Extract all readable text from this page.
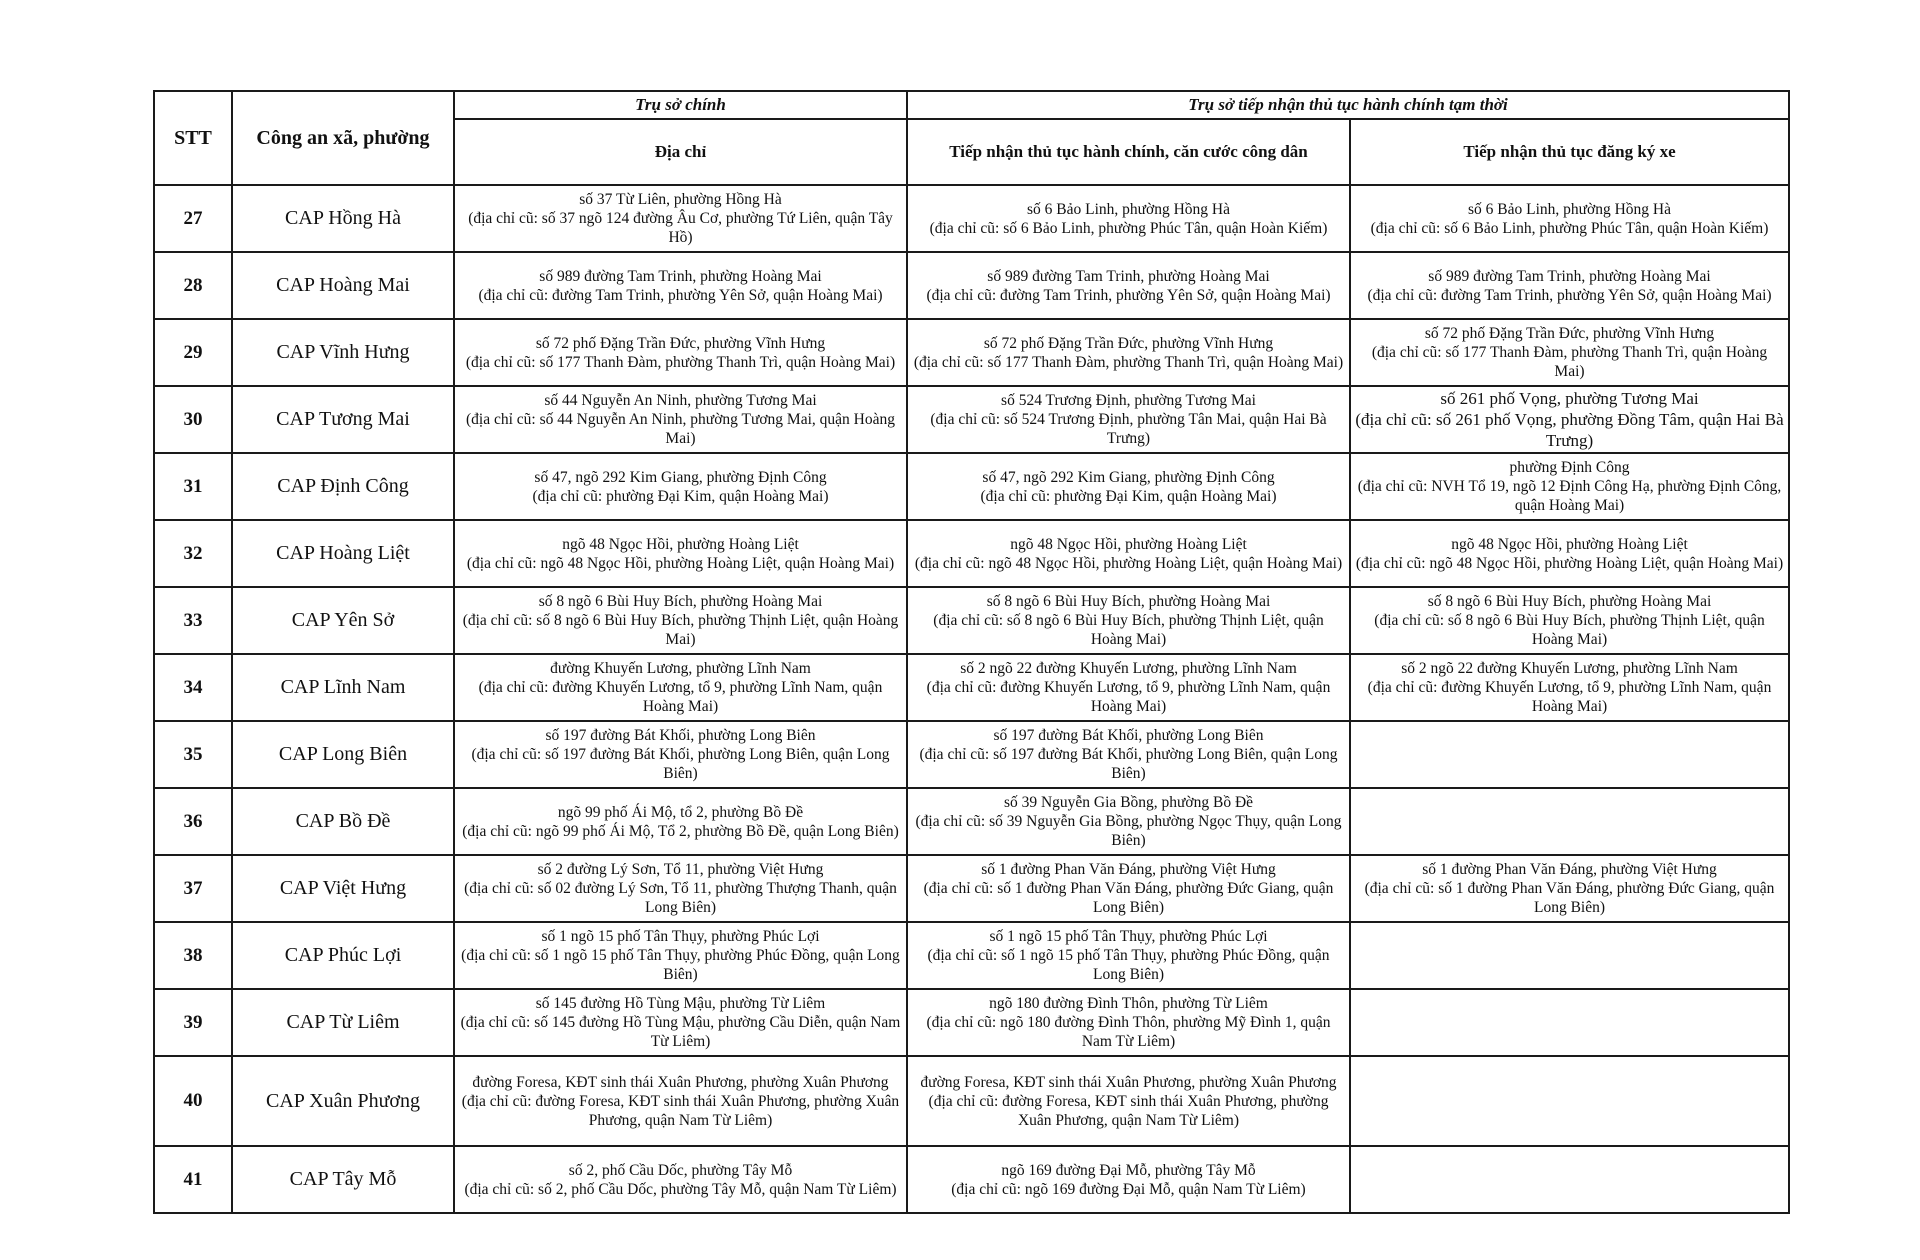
STT	Công an xã, phường	Trụ sở chính	Trụ sở tiếp nhận thủ tục hành chính tạm thời	
		Địa chỉ	Tiếp nhận thủ tục hành chính, căn cước công dân	Tiếp nhận thủ tục đăng ký xe
27	CAP Hồng Hà	số 37 Từ Liên, phường Hồng Hà
(địa chỉ cũ: số 37 ngõ 124 đường Âu Cơ, phường Tứ Liên, quận Tây Hồ)	số 6 Bảo Linh, phường Hồng Hà
(địa chỉ cũ: số 6 Bảo Linh, phường Phúc Tân, quận Hoàn Kiếm)	số 6 Bảo Linh, phường Hồng Hà
(địa chỉ cũ: số 6 Bảo Linh, phường Phúc Tân, quận Hoàn Kiếm)

28	CAP Hoàng Mai	số 989 đường Tam Trinh, phường Hoàng Mai
(địa chỉ cũ: đường Tam Trinh, phường Yên Sở, quận Hoàng Mai)	số 989 đường Tam Trinh, phường Hoàng Mai
(địa chỉ cũ: đường Tam Trinh, phường Yên Sở, quận Hoàng Mai)	số 989 đường Tam Trinh, phường Hoàng Mai
(địa chỉ cũ: đường Tam Trinh, phường Yên Sở, quận Hoàng Mai)

29	CAP Vĩnh Hưng	số 72 phố Đặng Trần Đức, phường Vĩnh Hưng
(địa chỉ cũ: số 177 Thanh Đàm, phường Thanh Trì, quận Hoàng Mai)	số 72 phố Đặng Trần Đức, phường Vĩnh Hưng
(địa chỉ cũ: số 177 Thanh Đàm, phường Thanh Trì, quận Hoàng Mai)	số 72 phố Đặng Trần Đức, phường Vĩnh Hưng
(địa chỉ cũ: số 177 Thanh Đàm, phường Thanh Trì, quận Hoàng Mai)

30	CAP Tương Mai	số 44 Nguyễn An Ninh, phường Tương Mai
(địa chỉ cũ: số 44 Nguyễn An Ninh, phường Tương Mai, quận Hoàng Mai)	số 524 Trương Định, phường Tương Mai
(địa chỉ cũ: số 524 Trương Định, phường Tân Mai, quận Hai Bà Trưng)	số 261 phố Vọng, phường Tương Mai
(địa chỉ cũ: số 261 phố Vọng, phường Đồng Tâm, quận Hai Bà Trưng)

31	CAP Định Công	số 47, ngõ 292 Kim Giang, phường Định Công
(địa chỉ cũ: phường Đại Kim, quận Hoàng Mai)	số 47, ngõ 292 Kim Giang, phường Định Công
(địa chỉ cũ: phường Đại Kim, quận Hoàng Mai)	phường Định Công
(địa chỉ cũ: NVH Tổ 19, ngõ 12 Định Công Hạ, phường Định Công, quận Hoàng Mai)

32	CAP Hoàng Liệt	ngõ 48 Ngọc Hồi, phường Hoàng Liệt
(địa chỉ cũ: ngõ 48 Ngọc Hồi, phường Hoàng Liệt, quận Hoàng Mai)	ngõ 48 Ngọc Hồi, phường Hoàng Liệt
(địa chỉ cũ: ngõ 48 Ngọc Hồi, phường Hoàng Liệt, quận Hoàng Mai)	ngõ 48 Ngọc Hồi, phường Hoàng Liệt
(địa chỉ cũ: ngõ 48 Ngọc Hồi, phường Hoàng Liệt, quận Hoàng Mai)

33	CAP Yên Sở	số 8 ngõ 6 Bùi Huy Bích, phường Hoàng Mai
(địa chỉ cũ: số 8 ngõ 6 Bùi Huy Bích, phường Thịnh Liệt, quận Hoàng Mai)	số 8 ngõ 6 Bùi Huy Bích, phường Hoàng Mai
(địa chỉ cũ: số 8 ngõ 6 Bùi Huy Bích, phường Thịnh Liệt, quận Hoàng Mai)	số 8 ngõ 6 Bùi Huy Bích, phường Hoàng Mai
(địa chỉ cũ: số 8 ngõ 6 Bùi Huy Bích, phường Thịnh Liệt, quận Hoàng Mai)

34	CAP Lĩnh Nam	đường Khuyến Lương, phường Lĩnh Nam
(địa chỉ cũ: đường Khuyến Lương, tổ 9, phường Lĩnh Nam, quận Hoàng Mai)	số 2 ngõ 22 đường Khuyến Lương, phường Lĩnh Nam
(địa chỉ cũ: đường Khuyến Lương, tổ 9, phường Lĩnh Nam, quận Hoàng Mai)	số 2 ngõ 22 đường Khuyến Lương, phường Lĩnh Nam
(địa chỉ cũ: đường Khuyến Lương, tổ 9, phường Lĩnh Nam, quận Hoàng Mai)

35	CAP Long Biên	số 197 đường Bát Khối, phường Long Biên
(địa chỉ cũ: số 197 đường Bát Khối, phường Long Biên, quận Long Biên)	số 197 đường Bát Khối, phường Long Biên
(địa chỉ cũ: số 197 đường Bát Khối, phường Long Biên, quận Long Biên)	

36	CAP Bồ Đề	ngõ 99 phố Ái Mộ, tổ 2, phường Bồ Đề
(địa chỉ cũ: ngõ 99 phố Ái Mộ, Tổ 2, phường Bồ Đề, quận Long Biên)	số 39 Nguyễn Gia Bồng, phường Bồ Đề
(địa chỉ cũ: số 39 Nguyễn Gia Bồng, phường Ngọc Thụy, quận Long Biên)	

37	CAP Việt Hưng	số 2 đường Lý Sơn, Tổ 11, phường Việt Hưng
(địa chỉ cũ: số 02 đường Lý Sơn, Tổ 11, phường Thượng Thanh, quận Long Biên)	số 1 đường Phan Văn Đáng, phường Việt Hưng
(địa chỉ cũ: số 1 đường Phan Văn Đáng, phường Đức Giang, quận Long Biên)	số 1 đường Phan Văn Đáng, phường Việt Hưng
(địa chỉ cũ: số 1 đường Phan Văn Đáng, phường Đức Giang, quận Long Biên)

38	CAP Phúc Lợi	số 1 ngõ 15 phố Tân Thụy, phường Phúc Lợi
(địa chỉ cũ: số 1 ngõ 15 phố Tân Thụy, phường Phúc Đồng, quận Long Biên)	số 1 ngõ 15 phố Tân Thụy, phường Phúc Lợi
(địa chỉ cũ: số 1 ngõ 15 phố Tân Thụy, phường Phúc Đồng, quận Long Biên)	

39	CAP Từ Liêm	số 145 đường Hồ Tùng Mậu, phường Từ Liêm
(địa chỉ cũ: số 145 đường Hồ Tùng Mậu, phường Cầu Diễn, quận Nam Từ Liêm)	ngõ 180 đường Đình Thôn, phường Từ Liêm
(địa chỉ cũ: ngõ 180 đường Đình Thôn, phường Mỹ Đình 1, quận Nam Từ Liêm)	

40	CAP Xuân Phương	đường Foresa, KĐT sinh thái Xuân Phương, phường Xuân Phương
(địa chỉ cũ: đường Foresa, KĐT sinh thái Xuân Phương, phường Xuân Phương, quận Nam Từ Liêm)	đường Foresa, KĐT sinh thái Xuân Phương, phường Xuân Phương
(địa chỉ cũ: đường Foresa, KĐT sinh thái Xuân Phương, phường Xuân Phương, quận Nam Từ Liêm)	

41	CAP Tây Mỗ	số 2, phố Cầu Dốc, phường Tây Mỗ
(địa chỉ cũ: số 2, phố Cầu Dốc, phường Tây Mỗ, quận Nam Từ Liêm)	ngõ 169 đường Đại Mỗ, phường Tây Mỗ
(địa chỉ cũ: ngõ 169 đường Đại Mỗ, quận Nam Từ Liêm)	
